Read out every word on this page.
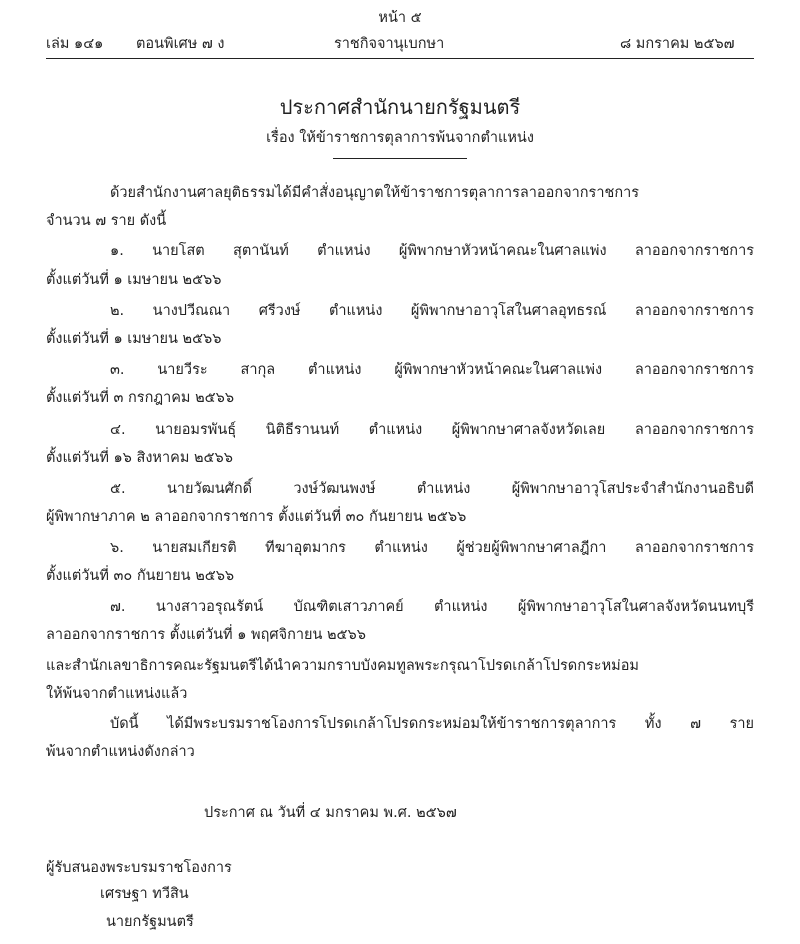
หน้า ๕
เล่ม ๑๔๑ ตอนพิเศษ ๗ ง	ราชกิจจานุเบกษา	๘ มกราคม ๒๕๖๗
ประกาศสำนักนายกรัฐมนตรี
เรื่อง ให้ข้าราชการตุลาการพ้นจากตำแหน่ง
ด้วยสำนักงานศาลยุติธรรมได้มีคำสั่งอนุญาตให้ข้าราชการตุลาการลาออกจากราชการ
จำนวน ๗ ราย ดังนี้
๑. นายโสต สุตานันท์ ตำแหน่ง ผู้พิพากษาหัวหน้าคณะในศาลแพ่ง ลาออกจากราชการ
ตั้งแต่วันที่ ๑ เมษายน ๒๕๖๖
๒. นางปวีณณา ศรีวงษ์ ตำแหน่ง ผู้พิพากษาอาวุโสในศาลอุทธรณ์ ลาออกจากราชการ
ตั้งแต่วันที่ ๑ เมษายน ๒๕๖๖
๓. นายวีระ สากุล ตำแหน่ง ผู้พิพากษาหัวหน้าคณะในศาลแพ่ง ลาออกจากราชการ
ตั้งแต่วันที่ ๓ กรกฎาคม ๒๕๖๖
๔. นายอมรพันธุ์ นิติธีรานนท์ ตำแหน่ง ผู้พิพากษาศาลจังหวัดเลย ลาออกจากราชการ
ตั้งแต่วันที่ ๑๖ สิงหาคม ๒๕๖๖
๕. นายวัฒนศักดิ์ วงษ์วัฒนพงษ์ ตำแหน่ง ผู้พิพากษาอาวุโสประจำสำนักงานอธิบดี
ผู้พิพากษาภาค ๒ ลาออกจากราชการ ตั้งแต่วันที่ ๓๐ กันยายน ๒๕๖๖
๖. นายสมเกียรติ ทีฆาอุตมากร ตำแหน่ง ผู้ช่วยผู้พิพากษาศาลฎีกา ลาออกจากราชการ
ตั้งแต่วันที่ ๓๐ กันยายน ๒๕๖๖
๗. นางสาวอรุณรัตน์ บัณฑิตเสาวภาคย์ ตำแหน่ง ผู้พิพากษาอาวุโสในศาลจังหวัดนนทบุรี
ลาออกจากราชการ ตั้งแต่วันที่ ๑ พฤศจิกายน ๒๕๖๖
และสำนักเลขาธิการคณะรัฐมนตรีได้นำความกราบบังคมทูลพระกรุณาโปรดเกล้าโปรดกระหม่อม
ให้พ้นจากตำแหน่งแล้ว
บัดนี้ ได้มีพระบรมราชโองการโปรดเกล้าโปรดกระหม่อมให้ข้าราชการตุลาการ ทั้ง ๗ ราย
พ้นจากตำแหน่งดังกล่าว
ประกาศ ณ วันที่ ๔ มกราคม พ.ศ. ๒๕๖๗
ผู้รับสนองพระบรมราชโองการ
เศรษฐา ทวีสิน
นายกรัฐมนตรี
